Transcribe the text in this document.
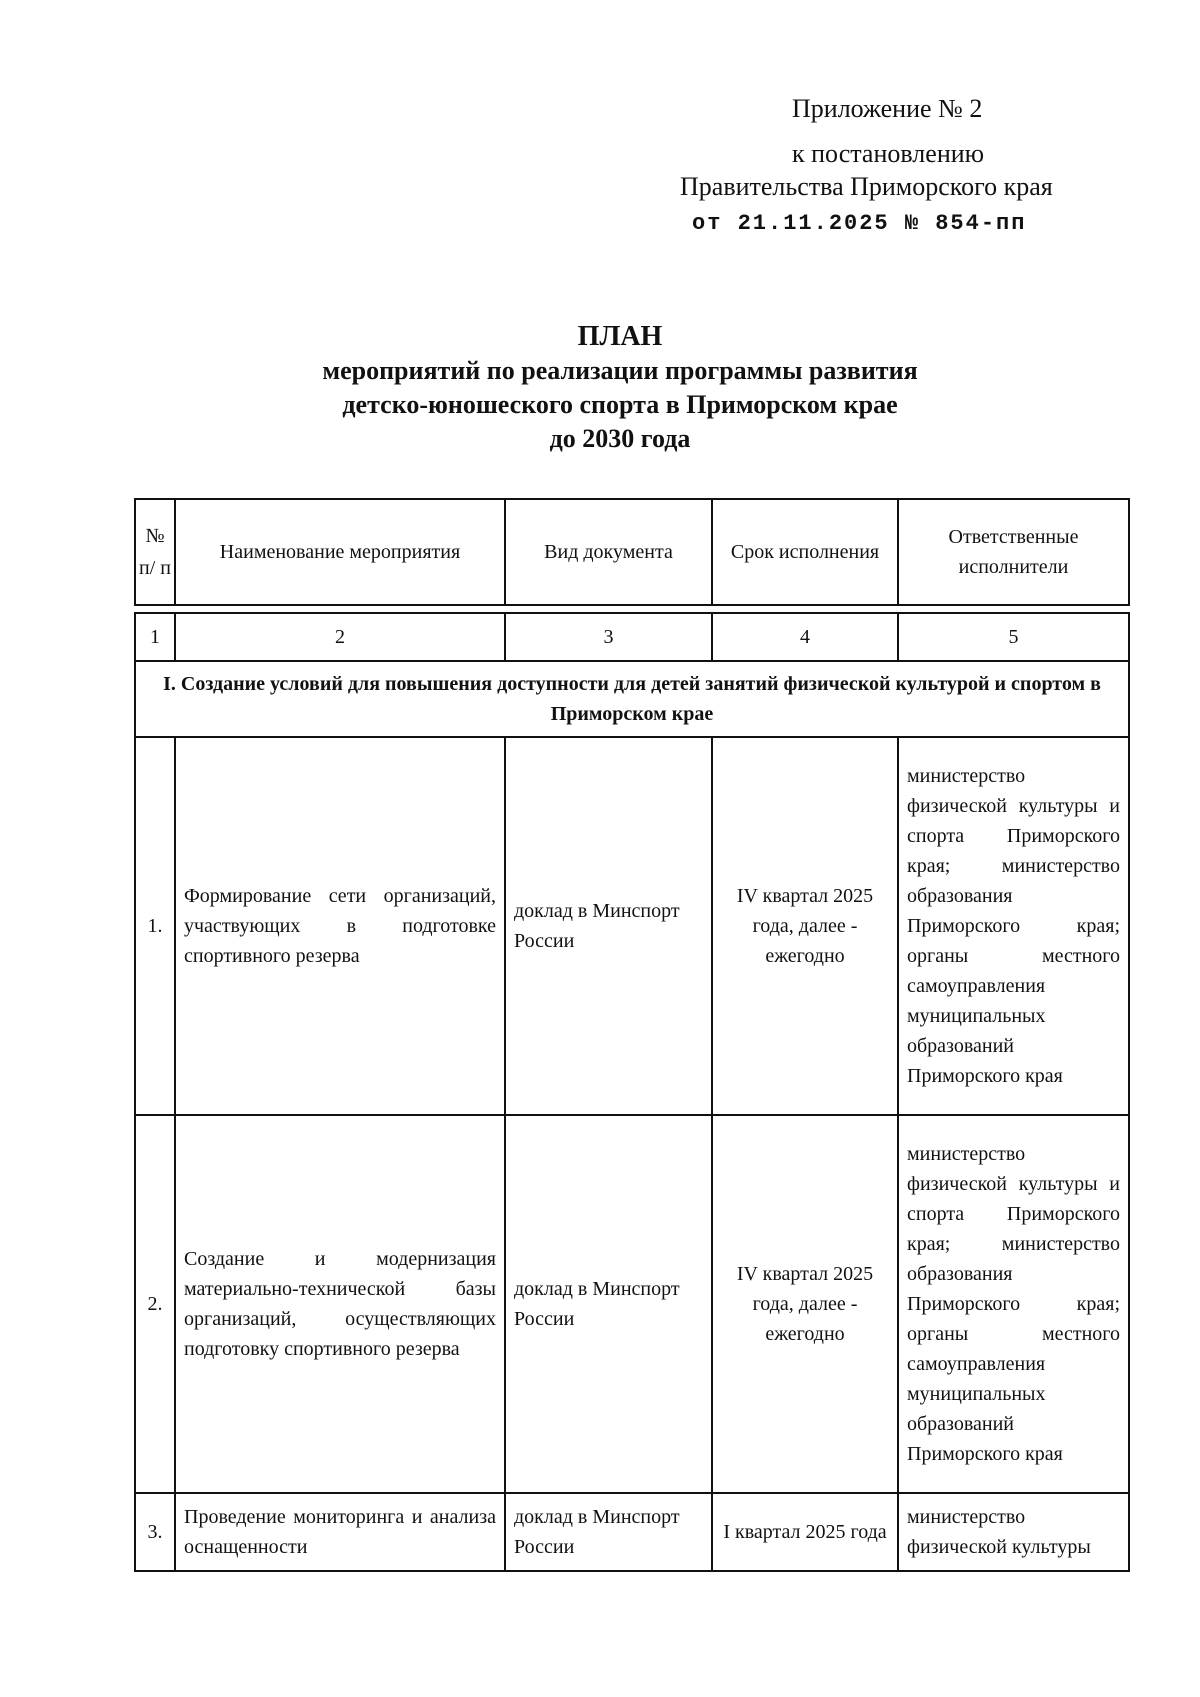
Приложение № 2
к постановлению
Правительства Приморского края
от 21.11.2025 № 854-пп
ПЛАН
мероприятий по реализации программы развития
детско-юношеского спорта в Приморском крае
до 2030 года
№ п/ п	Наименование мероприятия	Вид документа	Срок исполнения	Ответственные исполнители
1	2	3	4	5
I. Создание условий для повышения доступности для детей занятий физической культурой и спортом в Приморском крае				
1.	Формирование сети организаций, участвующих в подготовке спортивного резерва	доклад в Минспорт России	IV квартал 2025 года, далее - ежегодно	министерство физической культуры и спорта Приморского края; министерство образования Приморского края; органы местного самоуправления муниципальных образований Приморского края
2.	Создание и модернизация материально-технической базы организаций, осуществляющих подготовку спортивного резерва	доклад в Минспорт России	IV квартал 2025 года, далее - ежегодно	министерство физической культуры и спорта Приморского края; министерство образования Приморского края; органы местного самоуправления муниципальных образований Приморского края
3.	Проведение мониторинга и анализа оснащенности	доклад в Минспорт России	I квартал 2025 года	министерство физической культуры
